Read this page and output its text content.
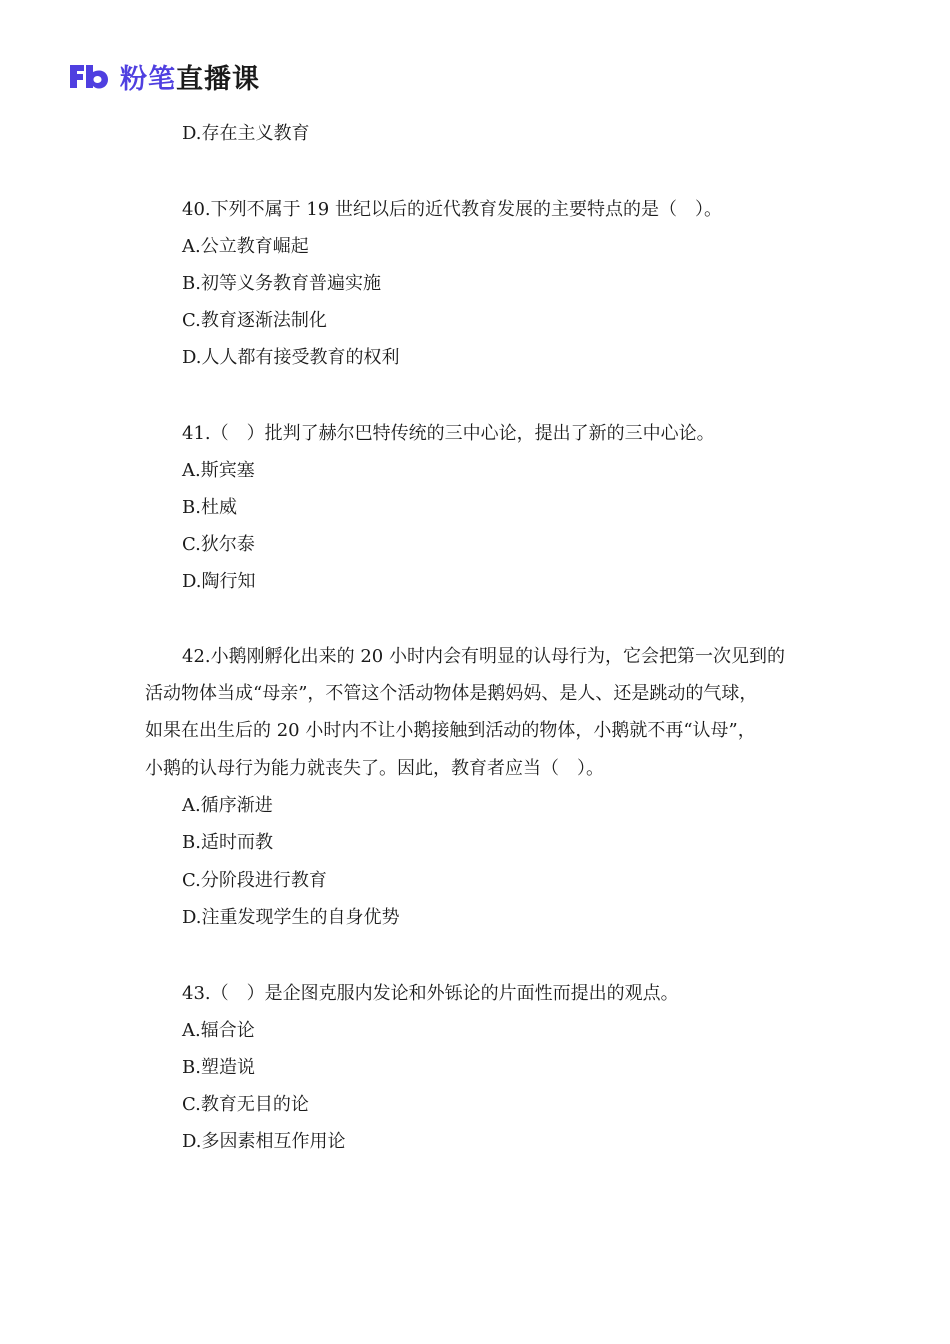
粉笔直播课
D.存在主义教育
40.下列不属于 19 世纪以后的近代教育发展的主要特点的是（　）。
A.公立教育崛起
B.初等义务教育普遍实施
C.教育逐渐法制化
D.人人都有接受教育的权利
41.（　）批判了赫尔巴特传统的三中心论，提出了新的三中心论。
A.斯宾塞
B.杜威
C.狄尔泰
D.陶行知
42.小鹅刚孵化出来的 20 小时内会有明显的认母行为，它会把第一次见到的
活动物体当成“母亲”，不管这个活动物体是鹅妈妈、是人、还是跳动的气球，
如果在出生后的 20 小时内不让小鹅接触到活动的物体，小鹅就不再“认母”，
小鹅的认母行为能力就丧失了。因此，教育者应当（　）。
A.循序渐进
B.适时而教
C.分阶段进行教育
D.注重发现学生的自身优势
43.（　）是企图克服内发论和外铄论的片面性而提出的观点。
A.辐合论
B.塑造说
C.教育无目的论
D.多因素相互作用论
